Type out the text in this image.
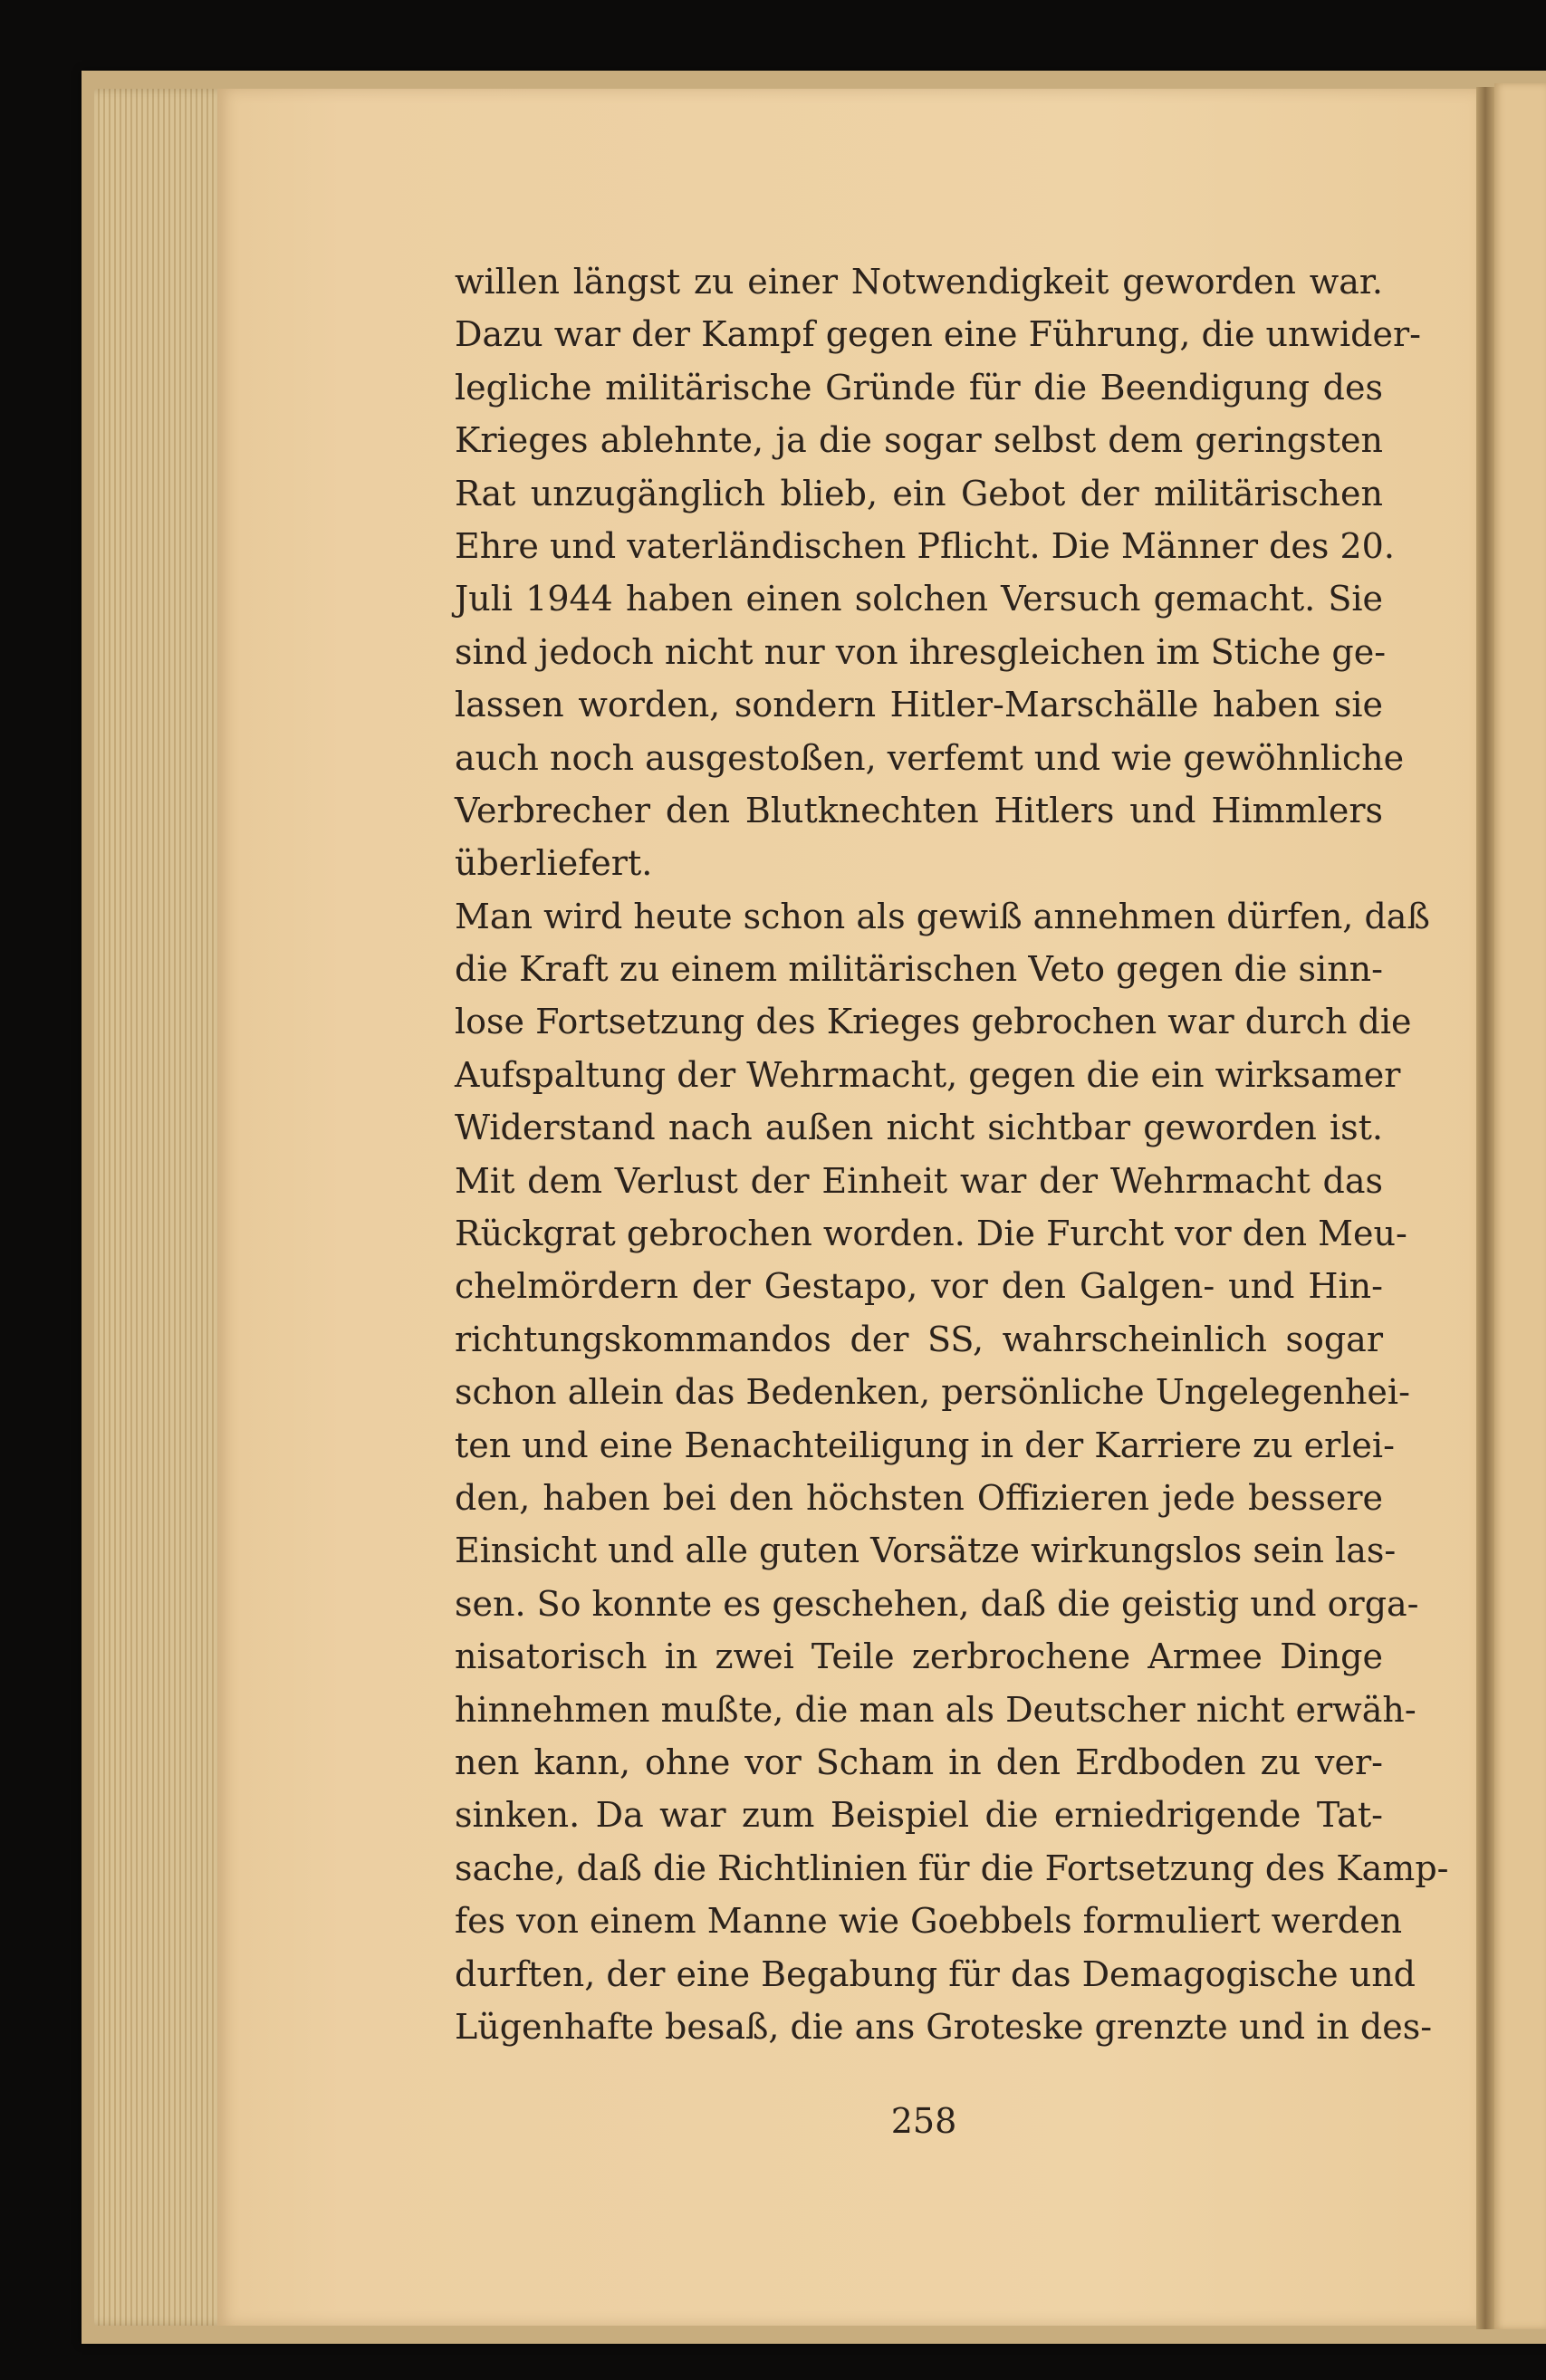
willen längst zu einer Notwendigkeit geworden war.
Dazu war der Kampf gegen eine Führung, die unwider-
legliche militärische Gründe für die Beendigung des
Krieges ablehnte, ja die sogar selbst dem geringsten
Rat unzugänglich blieb, ein Gebot der militärischen
Ehre und vaterländischen Pflicht. Die Männer des 20.
Juli 1944 haben einen solchen Versuch gemacht. Sie
sind jedoch nicht nur von ihresgleichen im Stiche ge-
lassen worden, sondern Hitler-Marschälle haben sie
auch noch ausgestoßen, verfemt und wie gewöhnliche
Verbrecher den Blutknechten Hitlers und Himmlers
überliefert.
Man wird heute schon als gewiß annehmen dürfen, daß
die Kraft zu einem militärischen Veto gegen die sinn-
lose Fortsetzung des Krieges gebrochen war durch die
Aufspaltung der Wehrmacht, gegen die ein wirksamer
Widerstand nach außen nicht sichtbar geworden ist.
Mit dem Verlust der Einheit war der Wehrmacht das
Rückgrat gebrochen worden. Die Furcht vor den Meu-
chelmördern der Gestapo, vor den Galgen- und Hin-
richtungskommandos der SS, wahrscheinlich sogar
schon allein das Bedenken, persönliche Ungelegenhei-
ten und eine Benachteiligung in der Karriere zu erlei-
den, haben bei den höchsten Offizieren jede bessere
Einsicht und alle guten Vorsätze wirkungslos sein las-
sen. So konnte es geschehen, daß die geistig und orga-
nisatorisch in zwei Teile zerbrochene Armee Dinge
hinnehmen mußte, die man als Deutscher nicht erwäh-
nen kann, ohne vor Scham in den Erdboden zu ver-
sinken. Da war zum Beispiel die erniedrigende Tat-
sache, daß die Richtlinien für die Fortsetzung des Kamp-
fes von einem Manne wie Goebbels formuliert werden
durften, der eine Begabung für das Demagogische und
Lügenhafte besaß, die ans Groteske grenzte und in des-
258
